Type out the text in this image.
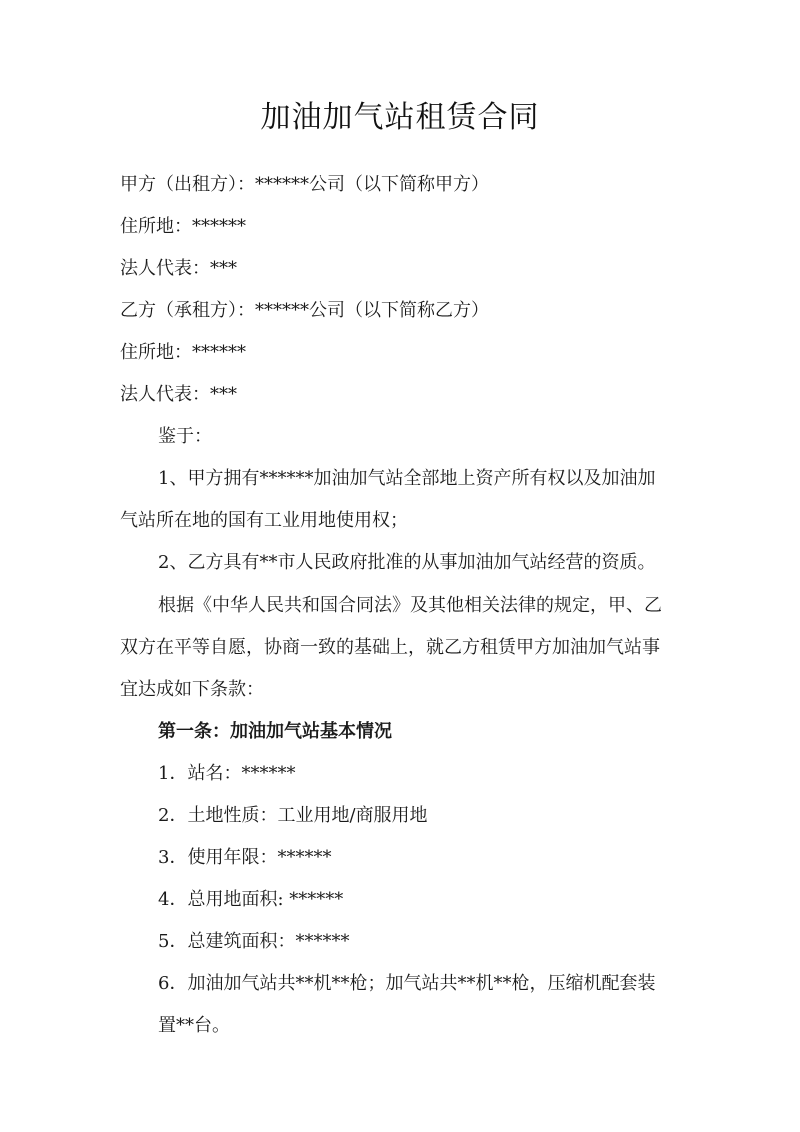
加油加气站租赁合同
甲方（出租方）：******公司（以下简称甲方）
住所地：******
法人代表：***
乙方（承租方）：******公司（以下简称乙方）
住所地：******
法人代表：***
鉴于：
1、甲方拥有******加油加气站全部地上资产所有权以及加油加
气站所在地的国有工业用地使用权；
2、乙方具有**市人民政府批准的从事加油加气站经营的资质。
根据《中华人民共和国合同法》及其他相关法律的规定，甲、乙
双方在平等自愿，协商一致的基础上，就乙方租赁甲方加油加气站事
宜达成如下条款：
第一条：加油加气站基本情况
1．站名：******
2．土地性质：工业用地/商服用地
3．使用年限：******
4．总用地面积: ******
5．总建筑面积：******
6．加油加气站共**机**枪；加气站共**机**枪，压缩机配套装
置**台。
